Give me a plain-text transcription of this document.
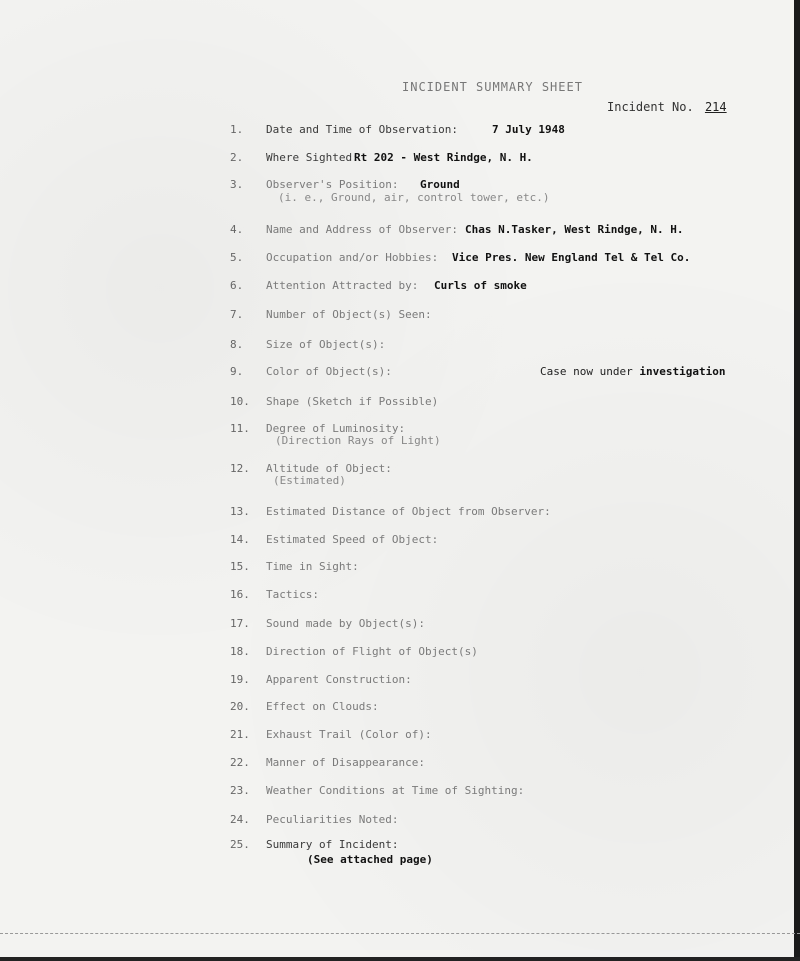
INCIDENT SUMMARY SHEET
Incident No. 214
1. Date and Time of Observation:	7 July 1948
2. Where Sighted:
Rt 202 - West Rindge, N. H.
3. Observer's Position: Ground
(i. e., Ground, air, control tower, etc.)
4. Name and Address of Observer: Chas N.Tasker, West Rindge, N. H.
5. Occupation and/or Hobbies: Vice Pres. New England Tel & Tel Co.
6. Attention Attracted by: Curls of smoke
7. Number of Object(s) Seen:
8. Size of Object(s):
9. Color of Object(s):
10. Shape (Sketch if Possible)
11. Degree of Luminosity:
(Direction Rays of Light)
12. Altitude of Object:
(Estimated)
13. Estimated Distance of Object from Observer:
14. Estimated Speed of Object:
15. Time in Sight:
16. Tactics:
17. Sound made by Object(s):
18. Direction of Flight of Object(s)
19. Apparent Construction:
20. Effect on Clouds:
21. Exhaust Trail (Color of):
22. Manner of Disappearance:
23. Weather Conditions at Time of Sighting:
24. Peculiarities Noted:
25. Summary of Incident:
(See attached page)
Case now under investigation
